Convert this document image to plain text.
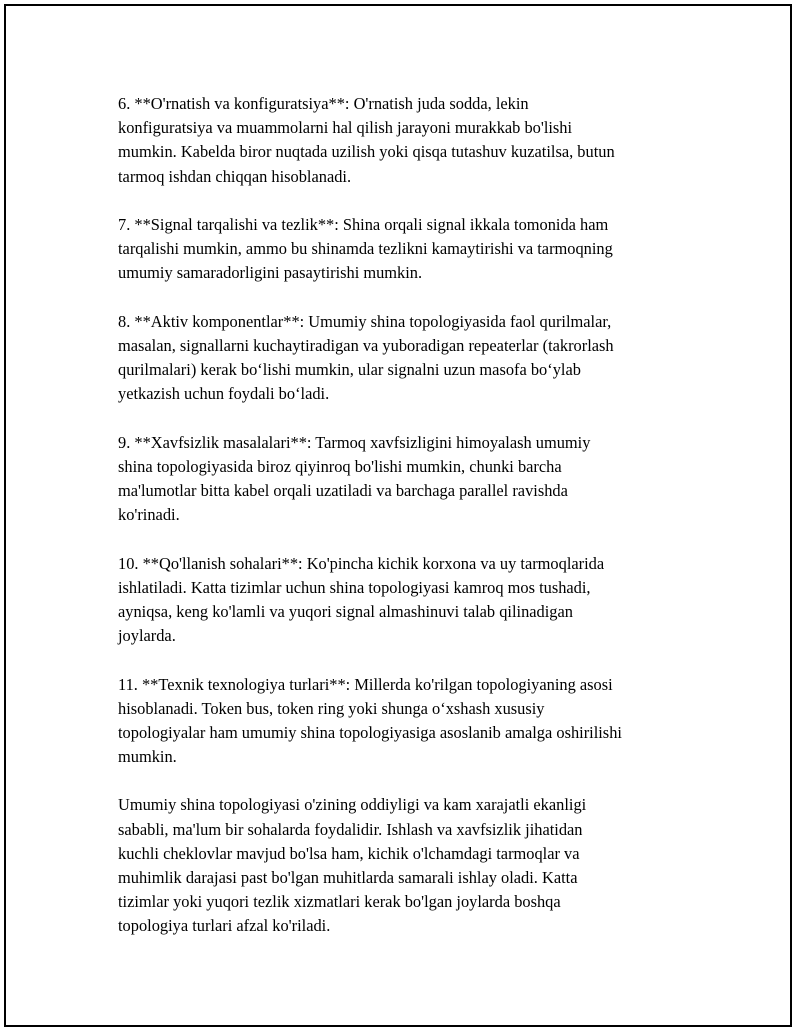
6. **O'rnatish va konfiguratsiya**: O'rnatish juda sodda, lekin
konfiguratsiya va muammolarni hal qilish jarayoni murakkab bo'lishi
mumkin. Kabelda biror nuqtada uzilish yoki qisqa tutashuv kuzatilsa, butun
tarmoq ishdan chiqqan hisoblanadi.

7. **Signal tarqalishi va tezlik**: Shina orqali signal ikkala tomonida ham
tarqalishi mumkin, ammo bu shinamda tezlikni kamaytirishi va tarmoqning
umumiy samaradorligini pasaytirishi mumkin.

8. **Aktiv komponentlar**: Umumiy shina topologiyasida faol qurilmalar,
masalan, signallarni kuchaytiradigan va yuboradigan repeaterlar (takrorlash
qurilmalari) kerak bo‘lishi mumkin, ular signalni uzun masofa bo‘ylab
yetkazish uchun foydali bo‘ladi.

9. **Xavfsizlik masalalari**: Tarmoq xavfsizligini himoyalash umumiy
shina topologiyasida biroz qiyinroq bo'lishi mumkin, chunki barcha
ma'lumotlar bitta kabel orqali uzatiladi va barchaga parallel ravishda
ko'rinadi.

10. **Qo'llanish sohalari**: Ko'pincha kichik korxona va uy tarmoqlarida
ishlatiladi. Katta tizimlar uchun shina topologiyasi kamroq mos tushadi,
ayniqsa, keng ko'lamli va yuqori signal almashinuvi talab qilinadigan
joylarda.

11. **Texnik texnologiya turlari**: Millerda ko'rilgan topologiyaning asosi
hisoblanadi. Token bus, token ring yoki shunga o‘xshash xususiy
topologiyalar ham umumiy shina topologiyasiga asoslanib amalga oshirilishi
mumkin.

Umumiy shina topologiyasi o'zining oddiyligi va kam xarajatli ekanligi
sababli, ma'lum bir sohalarda foydalidir. Ishlash va xavfsizlik jihatidan
kuchli cheklovlar mavjud bo'lsa ham, kichik o'lchamdagi tarmoqlar va
muhimlik darajasi past bo'lgan muhitlarda samarali ishlay oladi. Katta
tizimlar yoki yuqori tezlik xizmatlari kerak bo'lgan joylarda boshqa
topologiya turlari afzal ko'riladi.
